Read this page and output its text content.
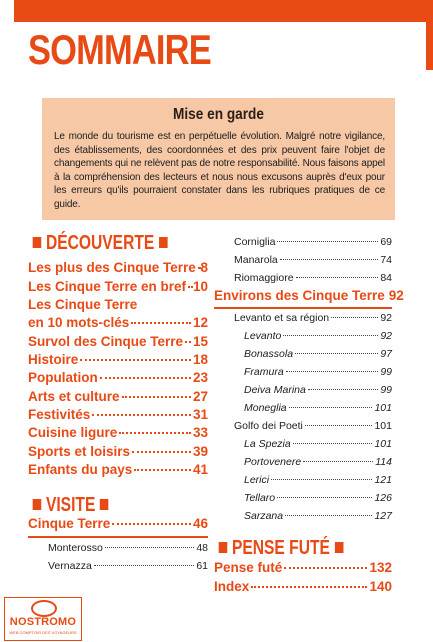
SOMMAIRE
Mise en garde
Le monde du tourisme est en perpétuelle évolution. Malgré notre vigilance, des établissements, des coordonnées et des prix peuvent faire l'objet de changements qui ne relèvent pas de notre responsabilité. Nous faisons appel à la compréhension des lecteurs et nous nous excusons auprès d'eux pour les erreurs qu'ils pourraient constater dans les rubriques pratiques de ce guide.
DÉCOUVERTE
Les plus des Cinque Terre 8
Les Cinque Terre en bref 10
Les Cinque Terre
en 10 mots-clés	12
Survol des Cinque Terre 15
Histoire	18
Population	23
Arts et culture	27
Festivités	31
Cuisine ligure	33
Sports et loisirs	39
Enfants du pays	41
VISITE
Cinque Terre	46
Monterosso	48
Vernazza	61
Corniglia	69
Manarola	74
Riomaggiore	84
Environs des Cinque Terre 92
Levanto et sa région	92
Levanto	92
Bonassola	97
Framura	99
Deiva Marina	99
Moneglia	101
Golfo dei Poeti	101
La Spezia	101
Portovenere	114
Lerici	121
Tellaro	126
Sarzana	127
PENSE FUTÉ
Pense futé	132
Index	140
NOSTROMO
WEB COMPTOIR DES VOYAGEURS
